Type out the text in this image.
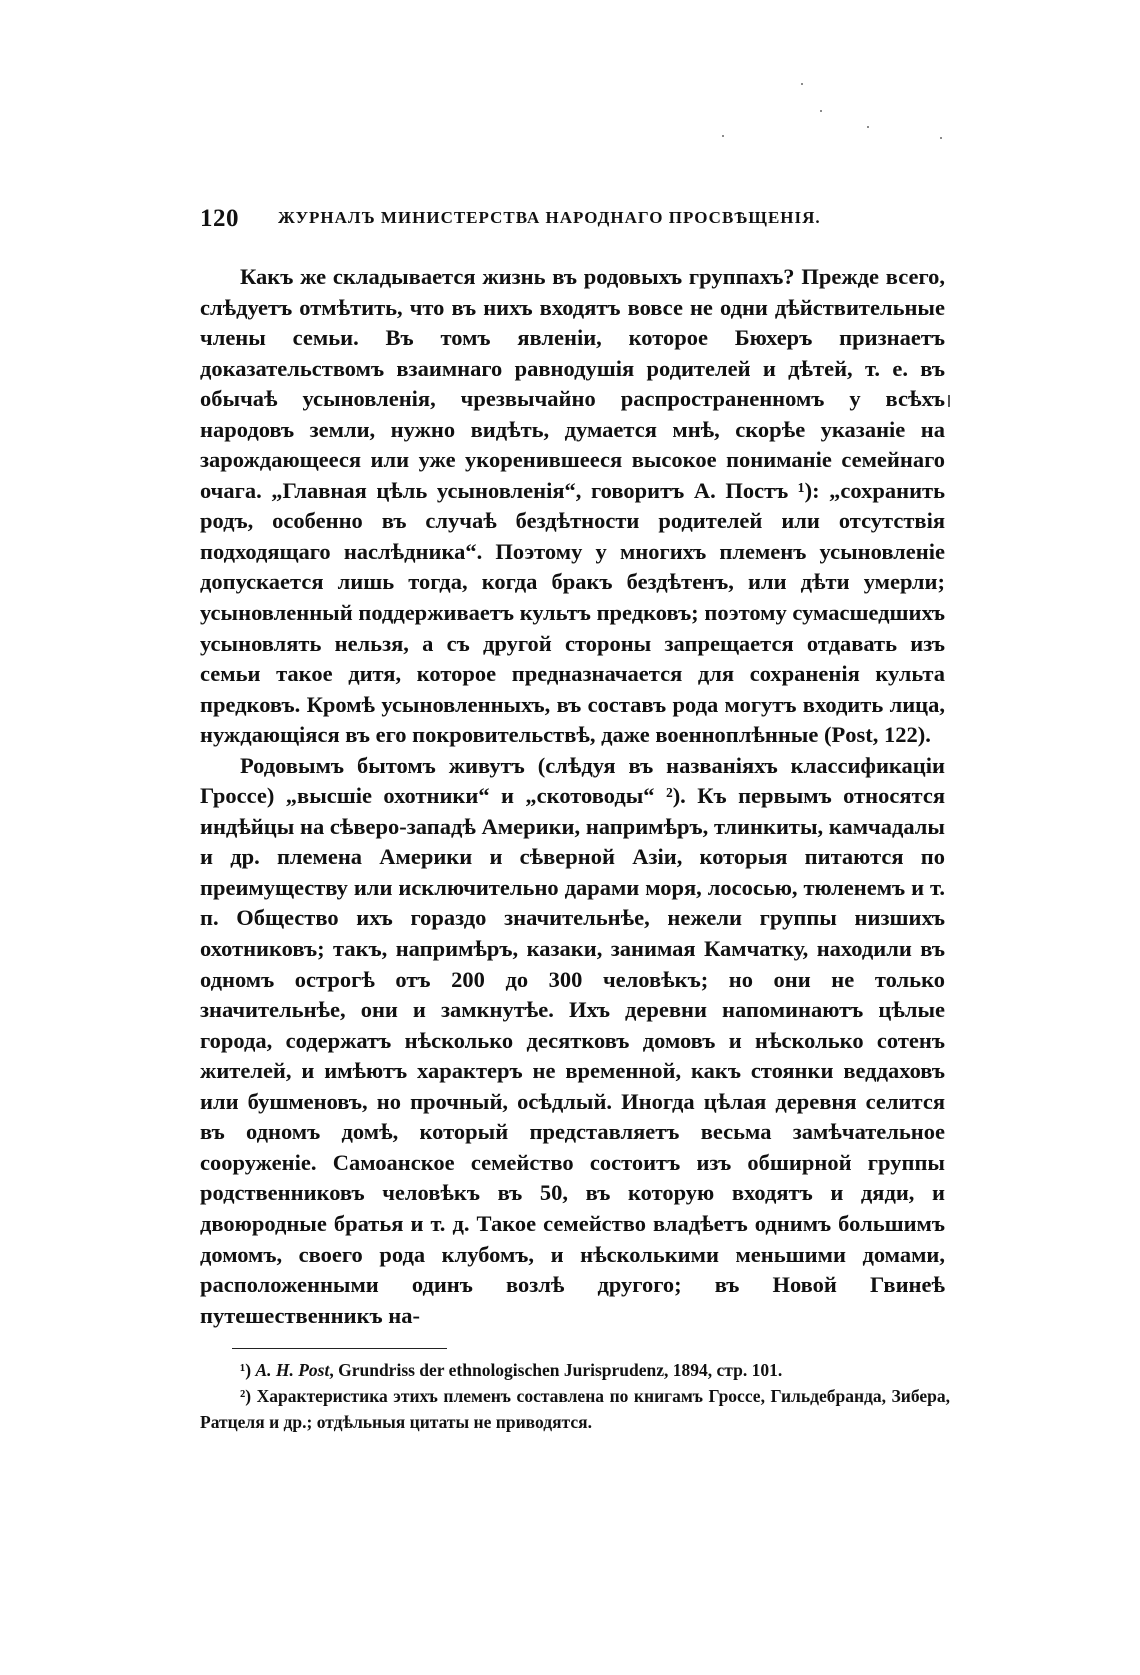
120 ЖУРНАЛЪ МИНИСТЕРСТВА НАРОДНАГО ПРОСВѢЩЕНІЯ.

Какъ же складывается жизнь въ родовыхъ группахъ? Прежде всего, слѣдуетъ отмѣтить, что въ нихъ входятъ вовсе не одни дѣйствительные члены семьи. Въ томъ явленіи, которое Бюхеръ признаетъ доказательствомъ взаимнаго равнодушія родителей и дѣтей, т. е. въ обычаѣ усыновленія, чрезвычайно распространенномъ у всѣхъ народовъ земли, нужно видѣть, думается мнѣ, скорѣе указаніе на зарождающееся или уже укоренившееся высокое пониманіе семейнаго очага. „Главная цѣль усыновленія“, говоритъ А. Постъ ¹): „сохранить родъ, особенно въ случаѣ бездѣтности родителей или отсутствія подходящаго наслѣдника“. Поэтому у многихъ племенъ усыновленіе допускается лишь тогда, когда бракъ бездѣтенъ, или дѣти умерли; усыновленный поддерживаетъ культъ предковъ; поэтому сумасшедшихъ усыновлять нельзя, а съ другой стороны запрещается отдавать изъ семьи такое дитя, которое предназначается для сохраненія культа предковъ. Кромѣ усыновленныхъ, въ составъ рода могутъ входить лица, нуждающіяся въ его покровительствѣ, даже военноплѣнные (Post, 122).

Родовымъ бытомъ живутъ (слѣдуя въ названіяхъ классификаціи Гроссе) „высшіе охотники“ и „скотоводы“ ²). Къ первымъ относятся индѣйцы на сѣверо-западѣ Америки, напримѣръ, тлинкиты, камчадалы и др. племена Америки и сѣверной Азіи, которыя питаются по преимуществу или исключительно дарами моря, лососью, тюленемъ и т. п. Общество ихъ гораздо значительнѣе, нежели группы низшихъ охотниковъ; такъ, напримѣръ, казаки, занимая Камчатку, находили въ одномъ острогѣ отъ 200 до 300 человѣкъ; но они не только значительнѣе, они и замкнутѣе. Ихъ деревни напоминаютъ цѣлые города, содержатъ нѣсколько десятковъ домовъ и нѣсколько сотенъ жителей, и имѣютъ характеръ не временной, какъ стоянки веддаховъ или бушменовъ, но прочный, осѣдлый. Иногда цѣлая деревня селится въ одномъ домѣ, который представляетъ весьма замѣчательное сооруженіе. Самоанское семейство состоитъ изъ обширной группы родственниковъ человѣкъ въ 50, въ которую входятъ и дяди, и двоюродные братья и т. д. Такое семейство владѣетъ однимъ большимъ домомъ, своего рода клубомъ, и нѣсколькими меньшими домами, расположенными одинъ возлѣ другого; въ Новой Гвинеѣ путешественникъ на-

¹) А. H. Post, Grundriss der ethnologischen Jurisprudenz, 1894, стр. 101.

²) Характеристика этихъ племенъ составлена по книгамъ Гроссе, Гильдебранда, Зибера, Ратцеля и др.; отдѣльныя цитаты не приводятся.
